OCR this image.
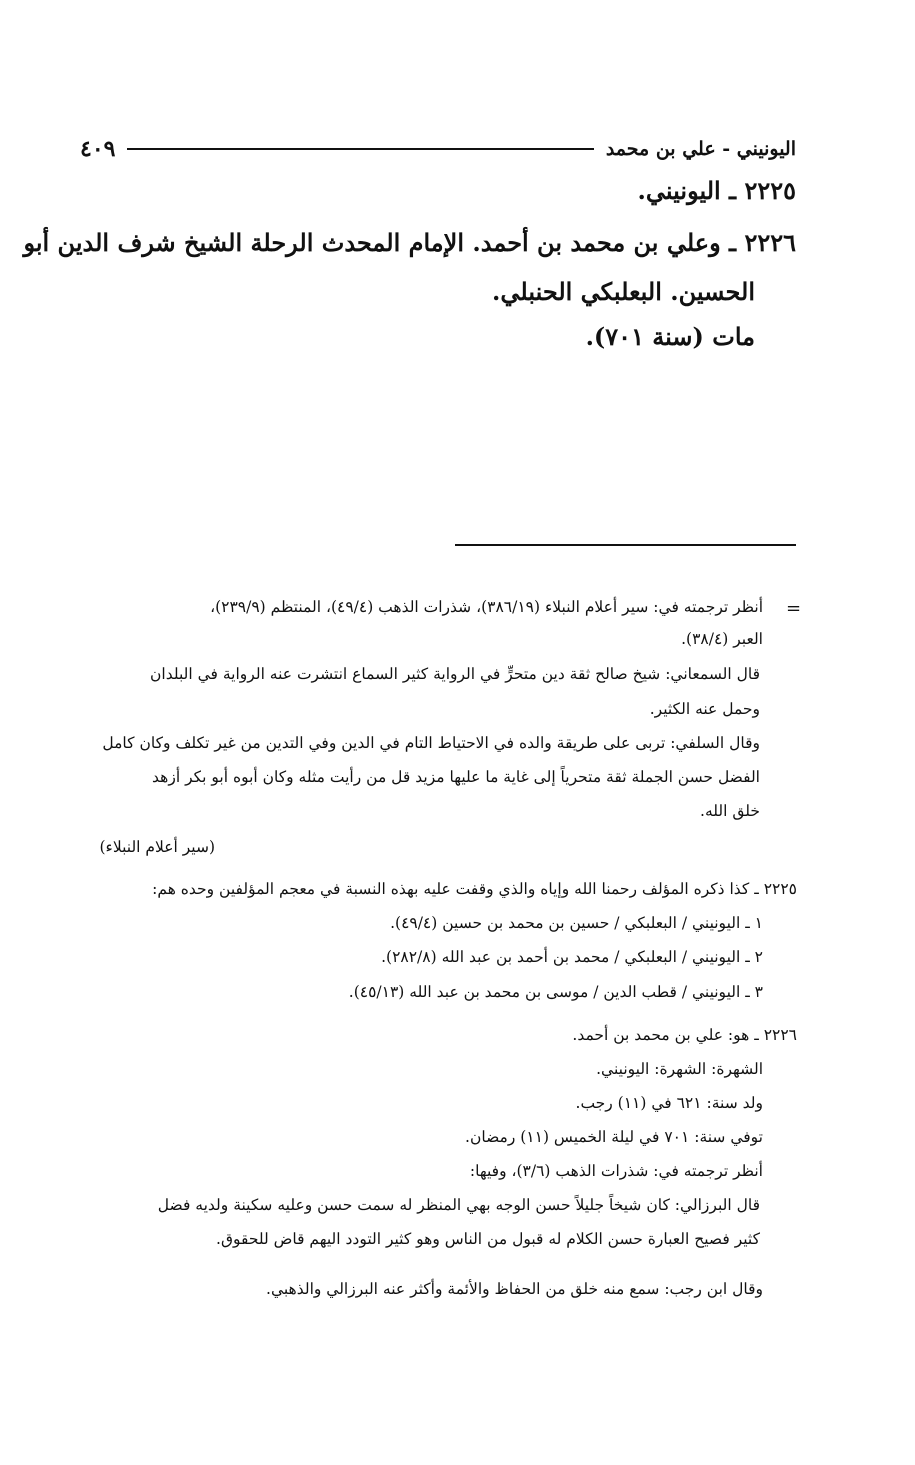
اليونيني - علي بن محمد
٤٠٩
٢٢٢٥ ـ اليونيني.
٢٢٢٦ ـ وعلي بن محمد بن أحمد. الإمام المحدث الرحلة الشيخ شرف الدين أبو
الحسين. البعلبكي الحنبلي.
مات (سنة ٧٠١).
=
أنظر ترجمته في: سير أعلام النبلاء (٣٨٦/١٩)، شذرات الذهب (٤٩/٤)، المنتظم (٢٣٩/٩)،
العبر (٣٨/٤).
قال السمعاني: شيخ صالح ثقة دين متحرٍّ في الرواية كثير السماع انتشرت عنه الرواية في البلدان
وحمل عنه الكثير.
وقال السلفي: تربى على طريقة والده في الاحتياط التام في الدين وفي التدين من غير تكلف وكان كامل
الفضل حسن الجملة ثقة متحرياً إلى غاية ما عليها مزيد قل من رأيت مثله وكان أبوه أبو بكر أزهد
خلق الله.
(سير أعلام النبلاء)
٢٢٢٥ ـ كذا ذكره المؤلف رحمنا الله وإياه والذي وقفت عليه بهذه النسبة في معجم المؤلفين وحده هم:
١ ـ اليونيني / البعلبكي / حسين بن محمد بن حسين (٤٩/٤).
٢ ـ اليونيني / البعلبكي / محمد بن أحمد بن عبد الله (٢٨٢/٨).
٣ ـ اليونيني / قطب الدين / موسى بن محمد بن عبد الله (٤٥/١٣).
٢٢٢٦ ـ هو: علي بن محمد بن أحمد.
الشهرة: الشهرة: اليونيني.
ولد سنة: ٦٢١ في (١١) رجب.
توفي سنة: ٧٠١ في ليلة الخميس (١١) رمضان.
أنظر ترجمته في: شذرات الذهب (٣/٦)، وفيها:
قال البرزالي: كان شيخاً جليلاً حسن الوجه بهي المنظر له سمت حسن وعليه سكينة ولديه فضل
كثير فصيح العبارة حسن الكلام له قبول من الناس وهو كثير التودد اليهم قاض للحقوق.
وقال ابن رجب: سمع منه خلق من الحفاظ والأئمة وأكثر عنه البرزالي والذهبي.
